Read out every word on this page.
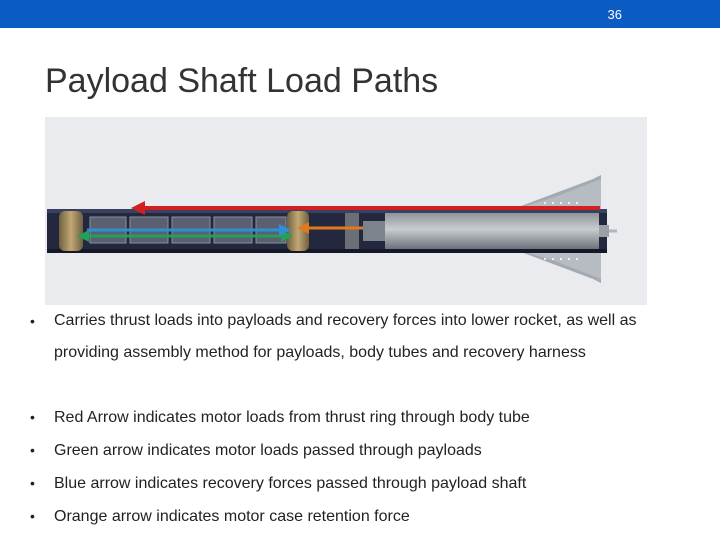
36
Payload Shaft Load Paths
• Carries thrust loads into payloads and recovery forces into lower rocket, as well as providing assembly method for payloads, body tubes and recovery harness
• Red Arrow indicates motor loads from thrust ring through body tube
• Green arrow indicates motor loads passed through payloads
• Blue arrow indicates recovery forces passed through payload shaft
• Orange arrow indicates motor case retention force
